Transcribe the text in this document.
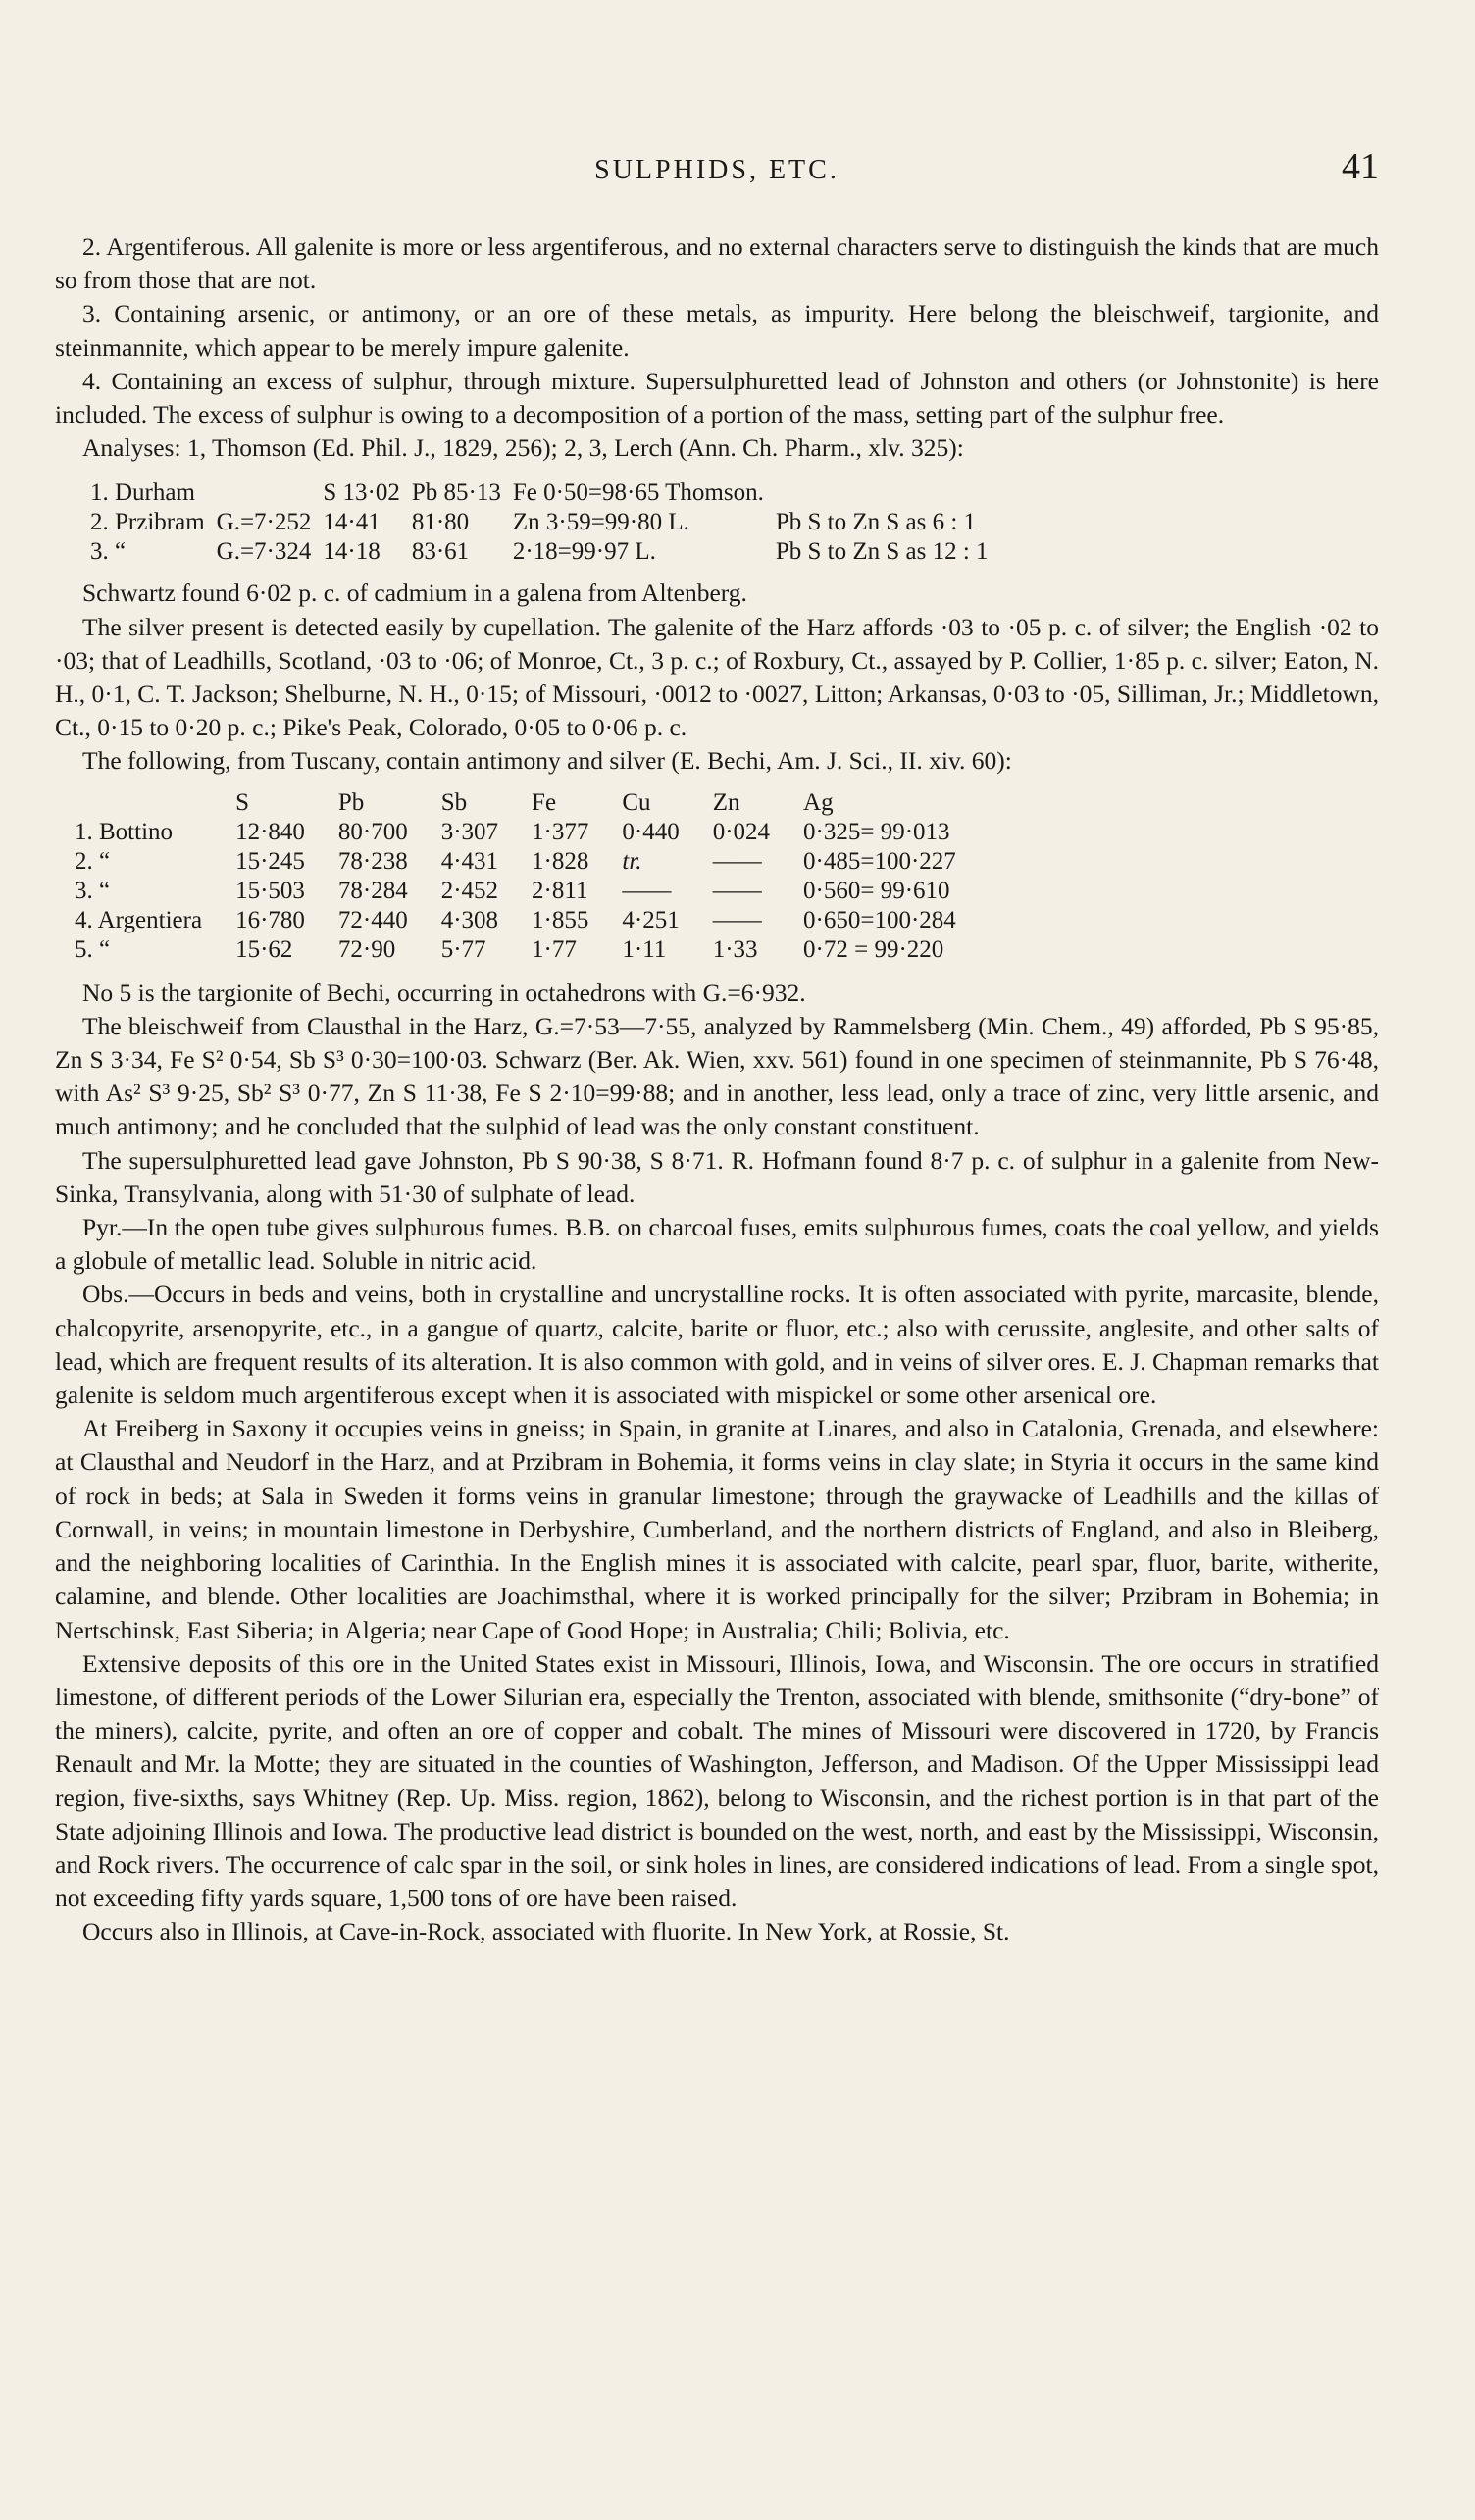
SULPHIDS, ETC.	41

2. Argentiferous. All galenite is more or less argentiferous, and no external characters serve to distinguish the kinds that are much so from those that are not.

3. Containing arsenic, or antimony, or an ore of these metals, as impurity. Here belong the bleischweif, targionite, and steinmannite, which appear to be merely impure galenite.

4. Containing an excess of sulphur, through mixture. Supersulphuretted lead of Johnston and others (or Johnstonite) is here included. The excess of sulphur is owing to a decomposition of a portion of the mass, setting part of the sulphur free.

Analyses: 1, Thomson (Ed. Phil. J., 1829, 256); 2, 3, Lerch (Ann. Ch. Pharm., xlv. 325):

1. Durham		S 13·02	Pb 85·13	Fe 0·50=98·65 Thomson.	
2. Przibram	G.=7·252	14·41	81·80	Zn 3·59=99·80 L.	Pb S to Zn S as 6 : 1
3. “	G.=7·324	14·18	83·61	2·18=99·97 L.	Pb S to Zn S as 12 : 1

Schwartz found 6·02 p. c. of cadmium in a galena from Altenberg.

The silver present is detected easily by cupellation. The galenite of the Harz affords ·03 to ·05 p. c. of silver; the English ·02 to ·03; that of Leadhills, Scotland, ·03 to ·06; of Monroe, Ct., 3 p. c.; of Roxbury, Ct., assayed by P. Collier, 1·85 p. c. silver; Eaton, N. H., 0·1, C. T. Jackson; Shelburne, N. H., 0·15; of Missouri, ·0012 to ·0027, Litton; Arkansas, 0·03 to ·05, Silliman, Jr.; Middletown, Ct., 0·15 to 0·20 p. c.; Pike's Peak, Colorado, 0·05 to 0·06 p. c.

The following, from Tuscany, contain antimony and silver (E. Bechi, Am. J. Sci., II. xiv. 60):

	S	Pb	Sb	Fe	Cu	Zn	Ag
1. Bottino	12·840	80·700	3·307	1·377	0·440	0·024	0·325= 99·013
2. “	15·245	78·238	4·431	1·828	tr.	——	0·485=100·227
3. “	15·503	78·284	2·452	2·811	——	——	0·560= 99·610
4. Argentiera	16·780	72·440	4·308	1·855	4·251	——	0·650=100·284
5. “	15·62	72·90	5·77	1·77	1·11	1·33	0·72 = 99·220

No 5 is the targionite of Bechi, occurring in octahedrons with G.=6·932.

The bleischweif from Clausthal in the Harz, G.=7·53—7·55, analyzed by Rammelsberg (Min. Chem., 49) afforded, Pb S 95·85, Zn S 3·34, Fe S² 0·54, Sb S³ 0·30=100·03. Schwarz (Ber. Ak. Wien, xxv. 561) found in one specimen of steinmannite, Pb S 76·48, with As² S³ 9·25, Sb² S³ 0·77, Zn S 11·38, Fe S 2·10=99·88; and in another, less lead, only a trace of zinc, very little arsenic, and much antimony; and he concluded that the sulphid of lead was the only constant constituent.

The supersulphuretted lead gave Johnston, Pb S 90·38, S 8·71. R. Hofmann found 8·7 p. c. of sulphur in a galenite from New-Sinka, Transylvania, along with 51·30 of sulphate of lead.

Pyr.—In the open tube gives sulphurous fumes. B.B. on charcoal fuses, emits sulphurous fumes, coats the coal yellow, and yields a globule of metallic lead. Soluble in nitric acid.

Obs.—Occurs in beds and veins, both in crystalline and uncrystalline rocks. It is often associated with pyrite, marcasite, blende, chalcopyrite, arsenopyrite, etc., in a gangue of quartz, calcite, barite or fluor, etc.; also with cerussite, anglesite, and other salts of lead, which are frequent results of its alteration. It is also common with gold, and in veins of silver ores. E. J. Chapman remarks that galenite is seldom much argentiferous except when it is associated with mispickel or some other arsenical ore.

At Freiberg in Saxony it occupies veins in gneiss; in Spain, in granite at Linares, and also in Catalonia, Grenada, and elsewhere: at Clausthal and Neudorf in the Harz, and at Przibram in Bohemia, it forms veins in clay slate; in Styria it occurs in the same kind of rock in beds; at Sala in Sweden it forms veins in granular limestone; through the graywacke of Leadhills and the killas of Cornwall, in veins; in mountain limestone in Derbyshire, Cumberland, and the northern districts of England, and also in Bleiberg, and the neighboring localities of Carinthia. In the English mines it is associated with calcite, pearl spar, fluor, barite, witherite, calamine, and blende. Other localities are Joachimsthal, where it is worked principally for the silver; Przibram in Bohemia; in Nertschinsk, East Siberia; in Algeria; near Cape of Good Hope; in Australia; Chili; Bolivia, etc.

Extensive deposits of this ore in the United States exist in Missouri, Illinois, Iowa, and Wisconsin. The ore occurs in stratified limestone, of different periods of the Lower Silurian era, especially the Trenton, associated with blende, smithsonite (“dry-bone” of the miners), calcite, pyrite, and often an ore of copper and cobalt. The mines of Missouri were discovered in 1720, by Francis Renault and Mr. la Motte; they are situated in the counties of Washington, Jefferson, and Madison. Of the Upper Mississippi lead region, five-sixths, says Whitney (Rep. Up. Miss. region, 1862), belong to Wisconsin, and the richest portion is in that part of the State adjoining Illinois and Iowa. The productive lead district is bounded on the west, north, and east by the Mississippi, Wisconsin, and Rock rivers. The occurrence of calc spar in the soil, or sink holes in lines, are considered indications of lead. From a single spot, not exceeding fifty yards square, 1,500 tons of ore have been raised.

Occurs also in Illinois, at Cave-in-Rock, associated with fluorite. In New York, at Rossie, St.
